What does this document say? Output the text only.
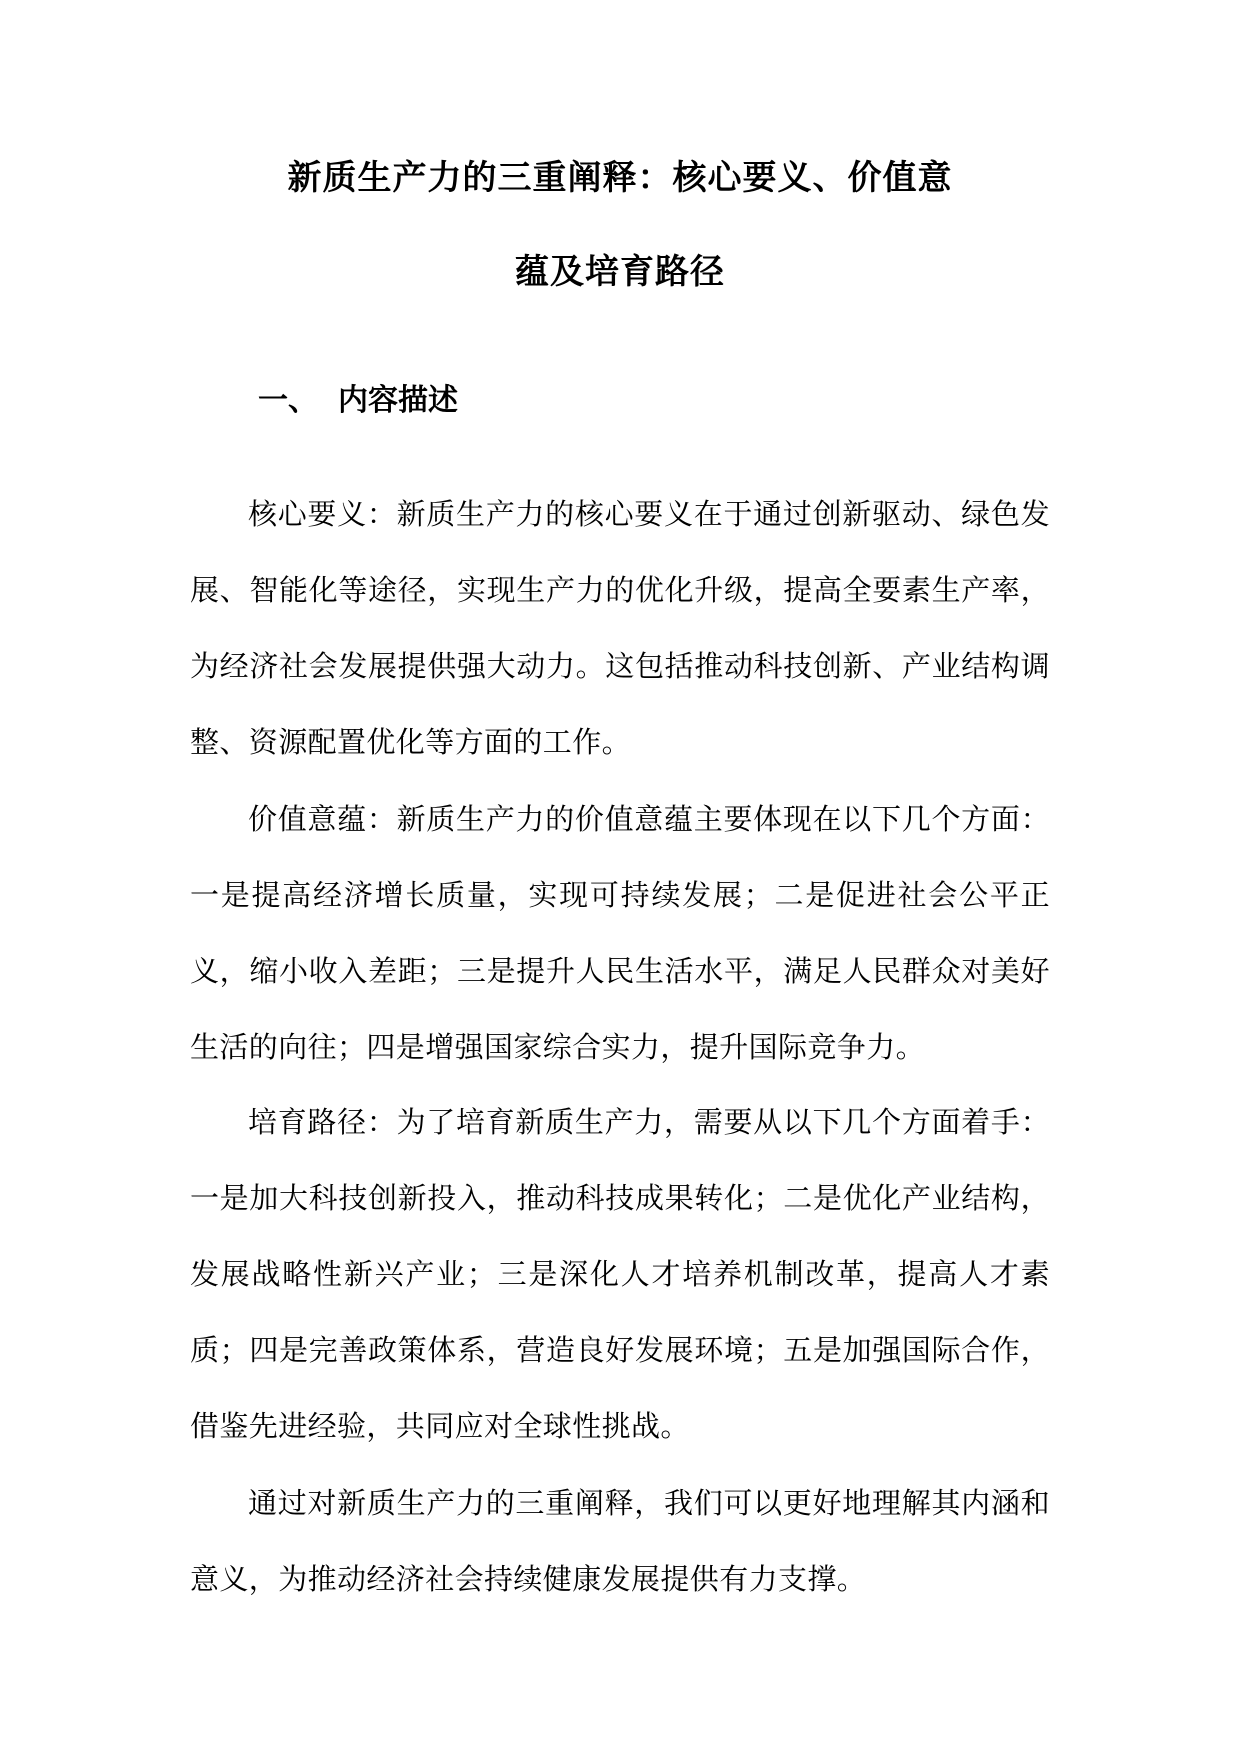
新质生产力的三重阐释：核心要义、价值意
蕴及培育路径
一、 内容描述

核心要义：新质生产力的核心要义在于通过创新驱动、绿色发展、智能化等途径，实现生产力的优化升级，提高全要素生产率，为经济社会发展提供强大动力。这包括推动科技创新、产业结构调整、资源配置优化等方面的工作。

价值意蕴：新质生产力的价值意蕴主要体现在以下几个方面：一是提高经济增长质量，实现可持续发展；二是促进社会公平正义，缩小收入差距；三是提升人民生活水平，满足人民群众对美好生活的向往；四是增强国家综合实力，提升国际竞争力。

培育路径：为了培育新质生产力，需要从以下几个方面着手：一是加大科技创新投入，推动科技成果转化；二是优化产业结构，发展战略性新兴产业；三是深化人才培养机制改革，提高人才素质；四是完善政策体系，营造良好发展环境；五是加强国际合作，借鉴先进经验，共同应对全球性挑战。

通过对新质生产力的三重阐释，我们可以更好地理解其内涵和意义，为推动经济社会持续健康发展提供有力支撑。
